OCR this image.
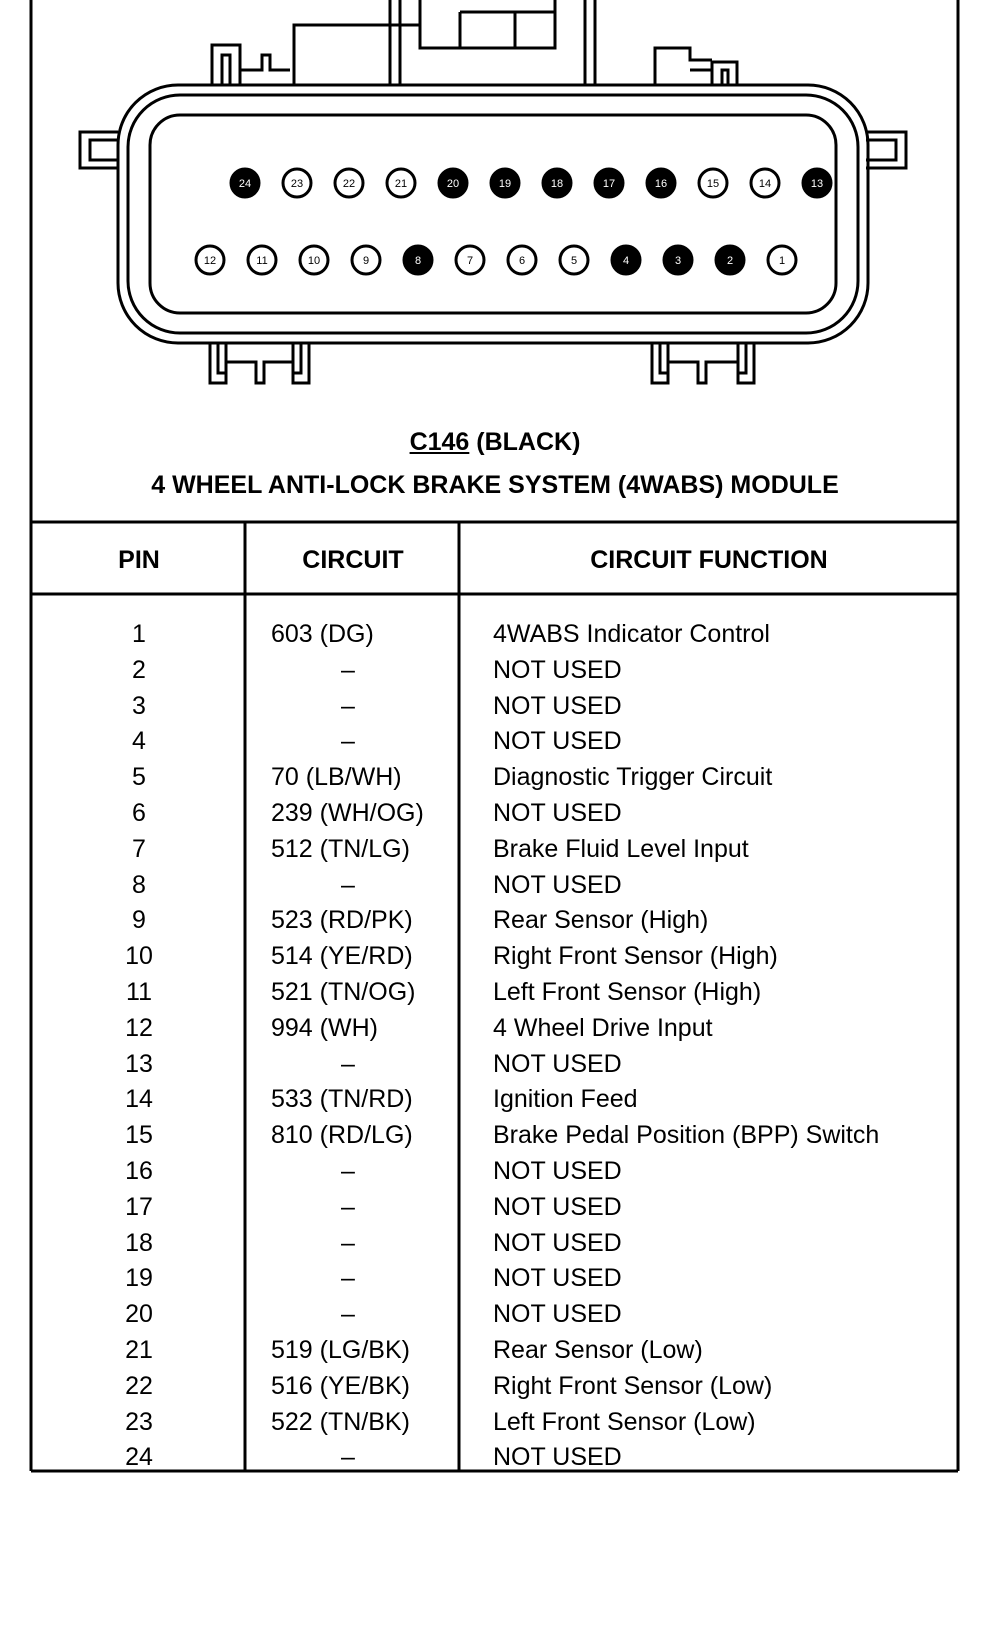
24	23	22	21	20	19	18	17	16	15	14	13
12	11	10	9	8	7	6	5	4	3	2	1
C146 (BLACK)
4 WHEEL ANTI-LOCK BRAKE SYSTEM (4WABS) MODULE
PIN	CIRCUIT	CIRCUIT FUNCTION
1	603 (DG)	4WABS Indicator Control
2	–	NOT USED
3	–	NOT USED
4	–	NOT USED
5	70 (LB/WH)	Diagnostic Trigger Circuit
6	239 (WH/OG)	NOT USED
7	512 (TN/LG)	Brake Fluid Level Input
8	–	NOT USED
9	523 (RD/PK)	Rear Sensor (High)
10	514 (YE/RD)	Right Front Sensor (High)
11	521 (TN/OG)	Left Front Sensor (High)
12	994 (WH)	4 Wheel Drive Input
13	–	NOT USED
14	533 (TN/RD)	Ignition Feed
15	810 (RD/LG)	Brake Pedal Position (BPP) Switch
16	–	NOT USED
17	–	NOT USED
18	–	NOT USED
19	–	NOT USED
20	–	NOT USED
21	519 (LG/BK)	Rear Sensor (Low)
22	516 (YE/BK)	Right Front Sensor (Low)
23	522 (TN/BK)	Left Front Sensor (Low)
24	–	NOT USED
